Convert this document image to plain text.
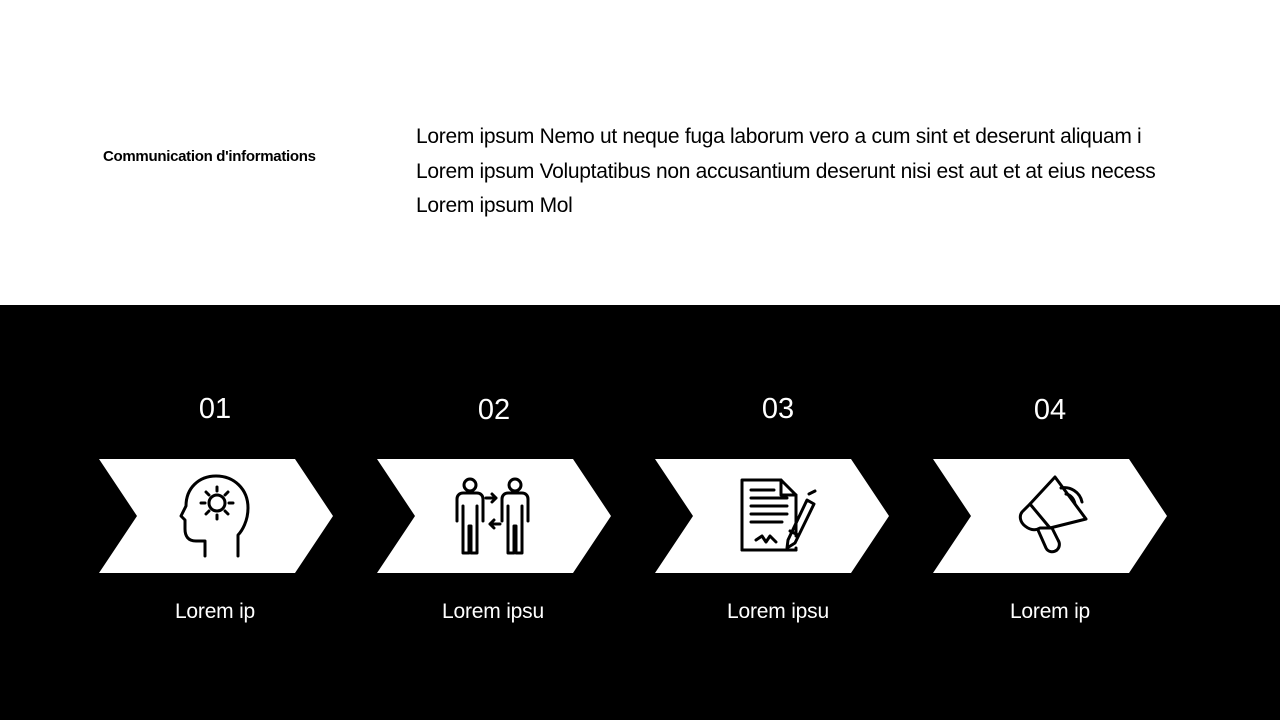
Communication d'informations
Lorem ipsum Nemo ut neque fuga laborum vero a cum sint et deserunt aliquam i
Lorem ipsum Voluptatibus non accusantium deserunt nisi est aut et at eius necess
Lorem ipsum Mol
01	02	03	04
Lorem ip	Lorem ipsu	Lorem ipsu	Lorem ip
